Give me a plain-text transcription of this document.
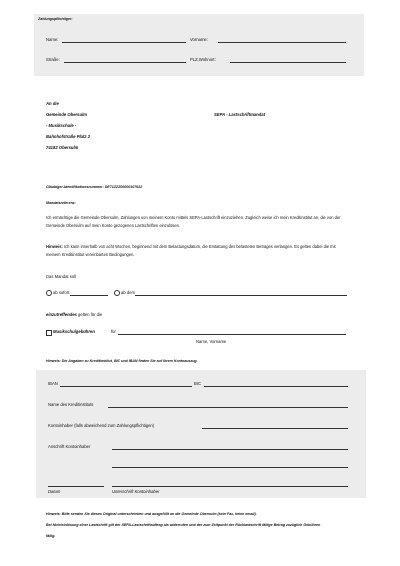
Zahlungspflichtiger:
Name:	Vorname:
Straße:	PLZ,Wohnort:
An die
Gemeinde Obersulm
- Musikschule -
Bahnhofstraße Platz 2
74182 Obersulm
SEPA - Lastschriftmandat
Gläubiger-Identifikationsnummer: DE71ZZZ00000107622
Mandatsreferenz:
Ich ermächtige die Gemeinde Obersulm, Zahlungen von meinem Konto mittels SEPA-Lastschrift einzuziehen. Zugleich weise ich mein Kreditinstitut an, die von der Gemeinde Obersulm auf mein Konto gezogenen Lastschriften einzulösen.
Hinweis: Ich kann innerhalb von acht Wochen, beginnend mit dem Belastungsdatum, die Erstattung des belasteten Betrages verlangen. Es gelten dabei die mit meinem Kreditinstitut vereinbarten Bedingungen.
Das Mandat soll
ab sofort	ab dem
einzutreffendes gelten für die
Musikschulgebühren	für
Name, Vorname
Hinweis: Die Angaben zu Kreditinstitut, BIC und IBAN finden Sie auf Ihrem Kontoauszug.
IBAN	BIC
Name des Kreditinstituts
Kontoinhaber (falls abweichend zum Zahlungspflichtigen)
Anschrift Kontoinhaber
Datum	Unterschrift Kontoinhaber
Hinweis: Bitte senden Sie dieses Original unterschrieben und ausgefüllt an die Gemeinde Obersulm (kein Fax, keine email).
Bei Nichteinlösung einer Lastschrift gilt der SEPA-Lastschriftauftrag als widerrufen und der zum Zeitpunkt der Rücklastschrift fällige Betrag zuzüglich Gebühren
fällig.
